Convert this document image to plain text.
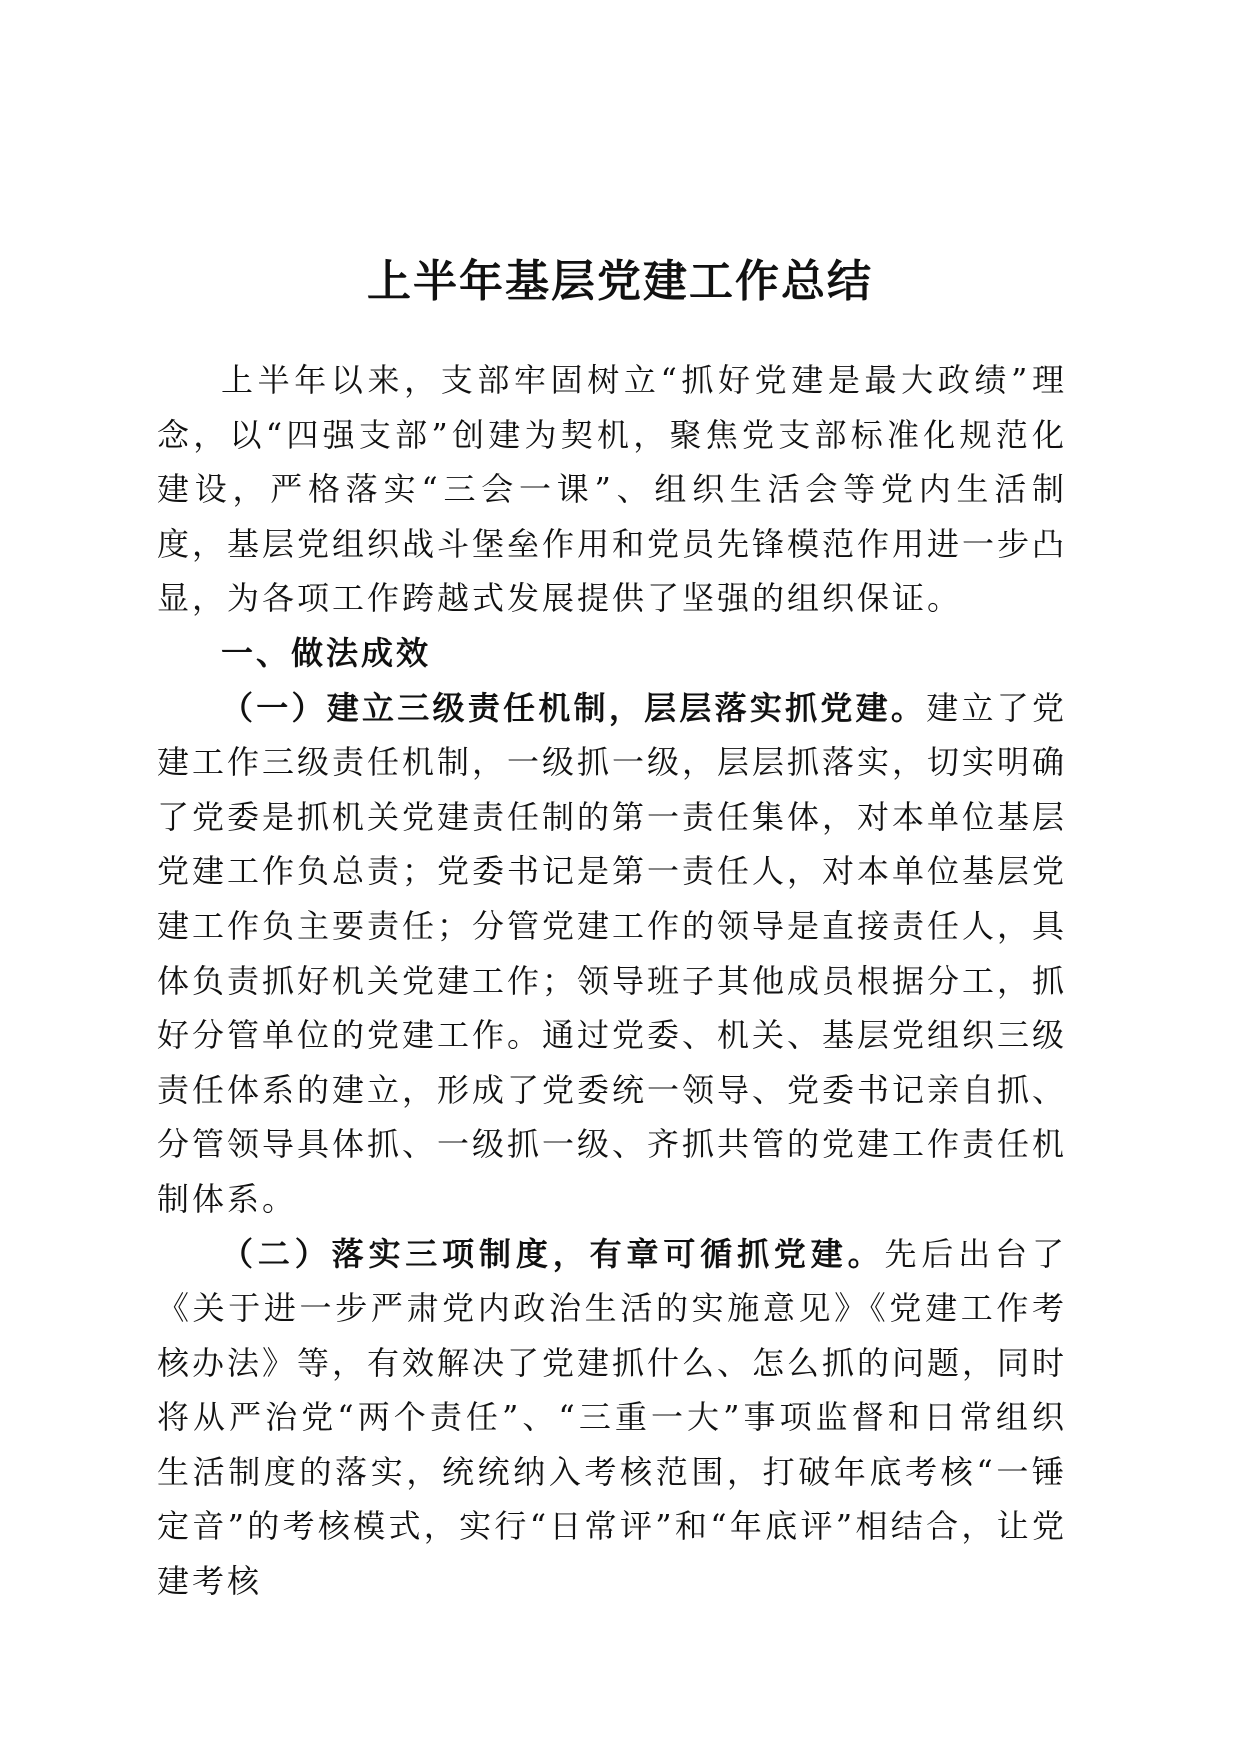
上半年基层党建工作总结

上半年以来，支部牢固树立“抓好党建是最大政绩”理念，以“四强支部”创建为契机，聚焦党支部标准化规范化建设，严格落实“三会一课”、组织生活会等党内生活制度，基层党组织战斗堡垒作用和党员先锋模范作用进一步凸显，为各项工作跨越式发展提供了坚强的组织保证。

一、做法成效

（一）建立三级责任机制，层层落实抓党建。建立了党建工作三级责任机制，一级抓一级，层层抓落实，切实明确了党委是抓机关党建责任制的第一责任集体，对本单位基层党建工作负总责；党委书记是第一责任人，对本单位基层党建工作负主要责任；分管党建工作的领导是直接责任人，具体负责抓好机关党建工作；领导班子其他成员根据分工，抓好分管单位的党建工作。通过党委、机关、基层党组织三级责任体系的建立，形成了党委统一领导、党委书记亲自抓、分管领导具体抓、一级抓一级、齐抓共管的党建工作责任机制体系。

（二）落实三项制度，有章可循抓党建。先后出台了《关于进一步严肃党内政治生活的实施意见》《党建工作考核办法》等，有效解决了党建抓什么、怎么抓的问题，同时将从严治党“两个责任”、“三重一大”事项监督和日常组织生活制度的落实，统统纳入考核范围，打破年底考核“一锤定音”的考核模式，实行“日常评”和“年底评”相结合，让党建考核
